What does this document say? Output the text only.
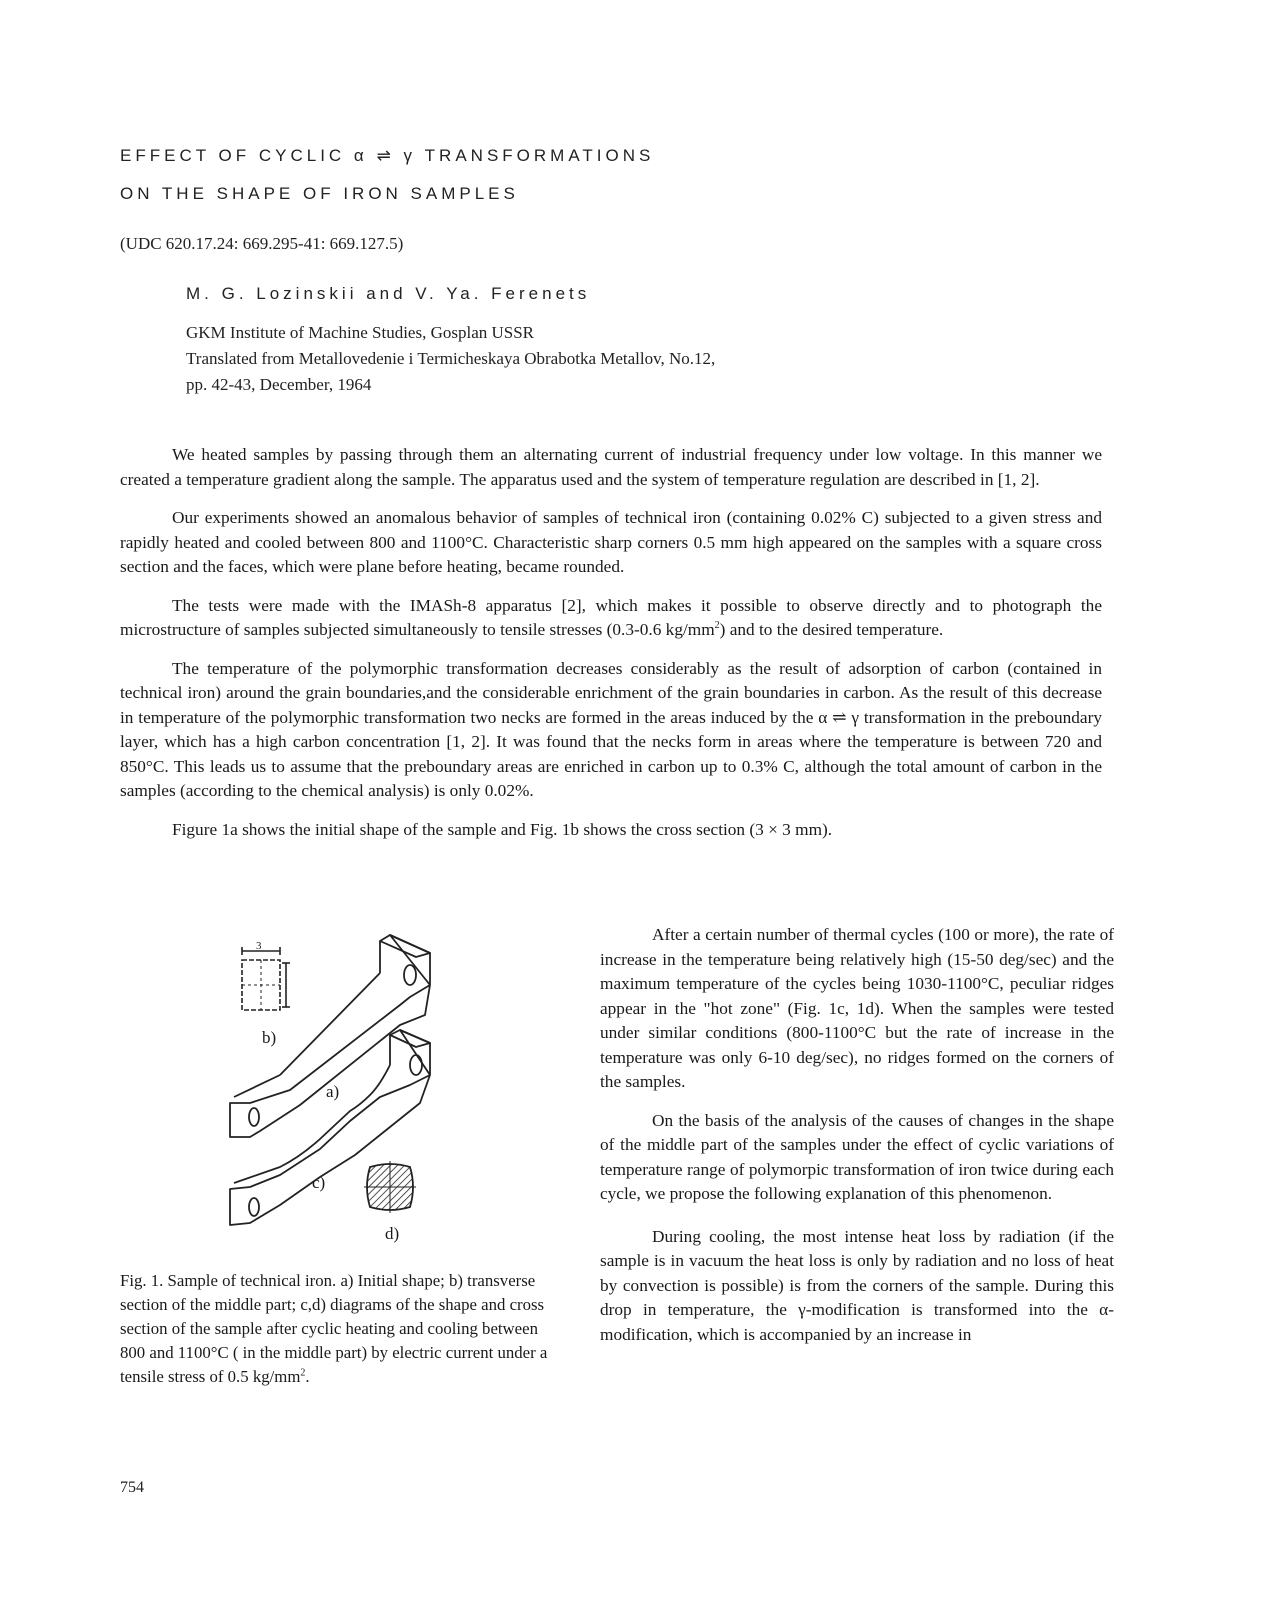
EFFECT OF CYCLIC α ⇌ γ TRANSFORMATIONS
ON THE SHAPE OF IRON SAMPLES
(UDC 620.17.24: 669.295-41: 669.127.5)
M. G. Lozinskii and V. Ya. Ferenets
GKM Institute of Machine Studies, Gosplan USSR
Translated from Metallovedenie i Termicheskaya Obrabotka Metallov, No.12,
pp. 42-43, December, 1964

We heated samples by passing through them an alternating current of industrial frequency under low voltage. In this manner we created a temperature gradient along the sample. The apparatus used and the system of temperature regulation are described in [1, 2].

Our experiments showed an anomalous behavior of samples of technical iron (containing 0.02% C) subjected to a given stress and rapidly heated and cooled between 800 and 1100°C. Characteristic sharp corners 0.5 mm high appeared on the samples with a square cross section and the faces, which were plane before heating, became rounded.

The tests were made with the IMASh-8 apparatus [2], which makes it possible to observe directly and to photograph the microstructure of samples subjected simultaneously to tensile stresses (0.3-0.6 $kg/mm^2$) and to the desired temperature.

The temperature of the polymorphic transformation decreases considerably as the result of adsorption of carbon (contained in technical iron) around the grain boundaries,and the considerable enrichment of the grain boundaries in carbon. As the result of this decrease in temperature of the polymorphic transformation two necks are formed in the areas induced by the α ⇌ γ transformation in the preboundary layer, which has a high carbon concentration [1, 2]. It was found that the necks form in areas where the temperature is between 720 and 850°C. This leads us to assume that the preboundary areas are enriched in carbon up to 0.3% C, although the total amount of carbon in the samples (according to the chemical analysis) is only 0.02%.

Figure 1a shows the initial shape of the sample and Fig. 1b shows the cross section (3 × 3 mm).

3
b)
a)
c)
d)
Fig. 1. Sample of technical iron. a) Initial shape; b) transverse section of the middle part; c,d) diagrams of the shape and cross section of the sample after cyclic heating and cooling between 800 and 1100°C ( in the middle part) by electric current under a tensile stress of 0.5 $kg/mm^2$.

After a certain number of thermal cycles (100 or more), the rate of increase in the temperature being relatively high (15-50 deg/sec) and the maximum temperature of the cycles being 1030-1100°C, peculiar ridges appear in the "hot zone" (Fig. 1c, 1d). When the samples were tested under similar conditions (800-1100°C but the rate of increase in the temperature was only 6-10 deg/sec), no ridges formed on the corners of the samples.

On the basis of the analysis of the causes of changes in the shape of the middle part of the samples under the effect of cyclic variations of temperature range of polymorpic transformation of iron twice during each cycle, we propose the following explanation of this phenomenon.

During cooling, the most intense heat loss by radiation (if the sample is in vacuum the heat loss is only by radiation and no loss of heat by convection is possible) is from the corners of the sample. During this drop in temperature, the γ-modification is transformed into the α-modification, which is accompanied by an increase in

754
